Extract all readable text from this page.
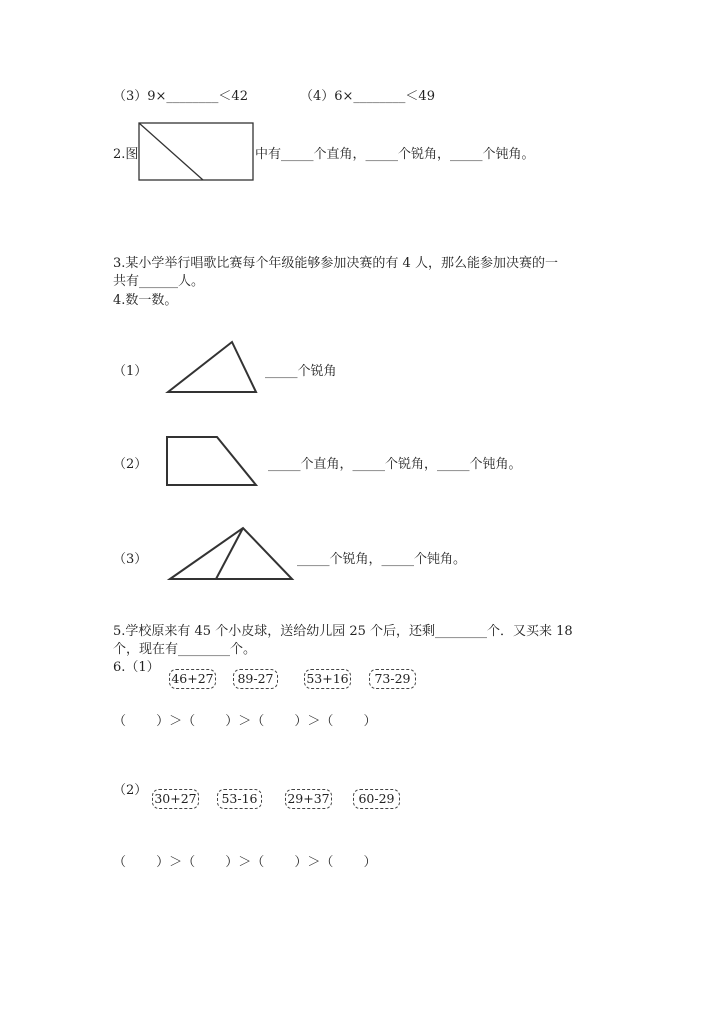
（3）9×________＜42	（4）6×________＜49
2.图	中有_____个直角，_____个锐角，_____个钝角。
3.某小学举行唱歌比赛每个年级能够参加决赛的有 4 人，那么能参加决赛的一
共有______人。
4.数一数。
（1）	_____个锐角
（2）	_____个直角，_____个锐角，_____个钝角。
（3）	_____个锐角，_____个钝角。
5.学校原来有 45 个小皮球，送给幼儿园 25 个后，还剩________个．又买来 18
个，现在有________个。
6.（1）
46+27	89-27	53+16	73-29
（　　 ）＞（　　 ）＞（　　 ）＞（　　 ）
（2）
30+27	53-16	29+37	60-29
（　　 ）＞（　　 ）＞（　　 ）＞（　　 ）
